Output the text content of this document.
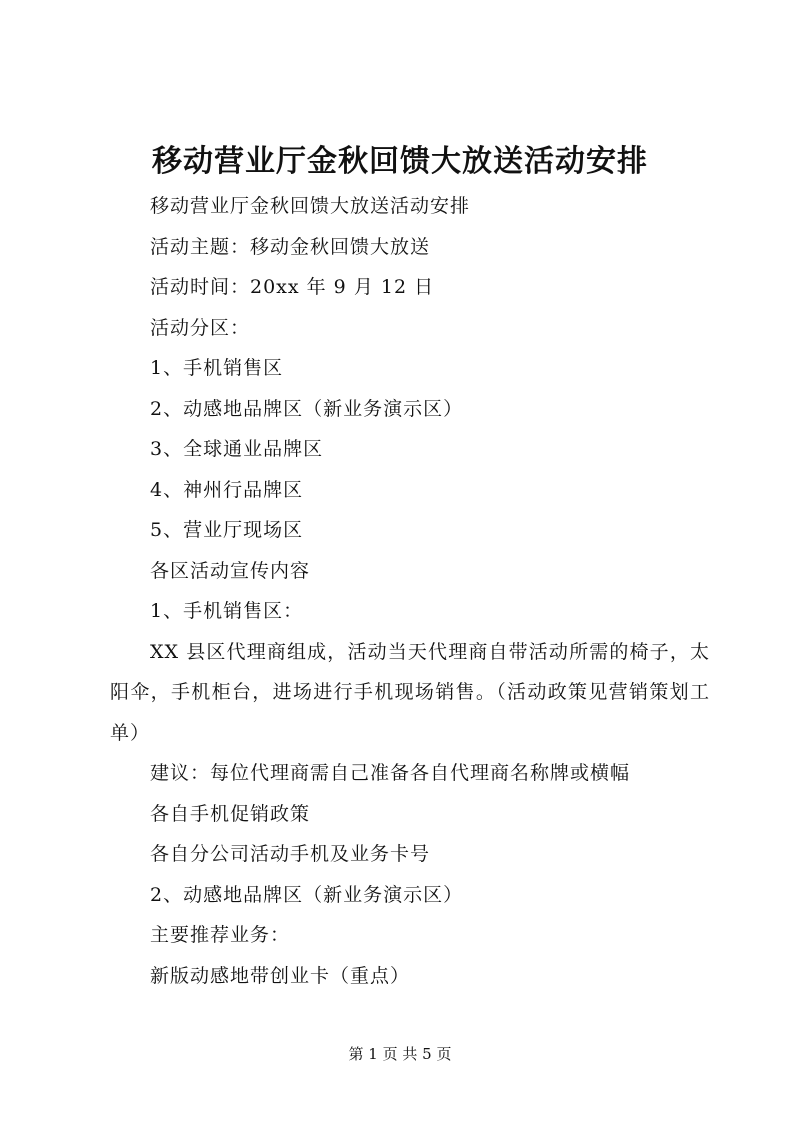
移动营业厅金秋回馈大放送活动安排
移动营业厅金秋回馈大放送活动安排
活动主题：移动金秋回馈大放送
活动时间：20xx 年 9 月 12 日
活动分区：
1、手机销售区
2、动感地品牌区（新业务演示区）
3、全球通业品牌区
4、神州行品牌区
5、营业厅现场区
各区活动宣传内容
1、手机销售区：
XX 县区代理商组成，活动当天代理商自带活动所需的椅子，太阳伞，手机柜台，进场进行手机现场销售。（活动政策见营销策划工单）
建议：每位代理商需自己准备各自代理商名称牌或横幅
各自手机促销政策
各自分公司活动手机及业务卡号
2、动感地品牌区（新业务演示区）
主要推荐业务：
新版动感地带创业卡（重点）
第 1 页 共 5 页
